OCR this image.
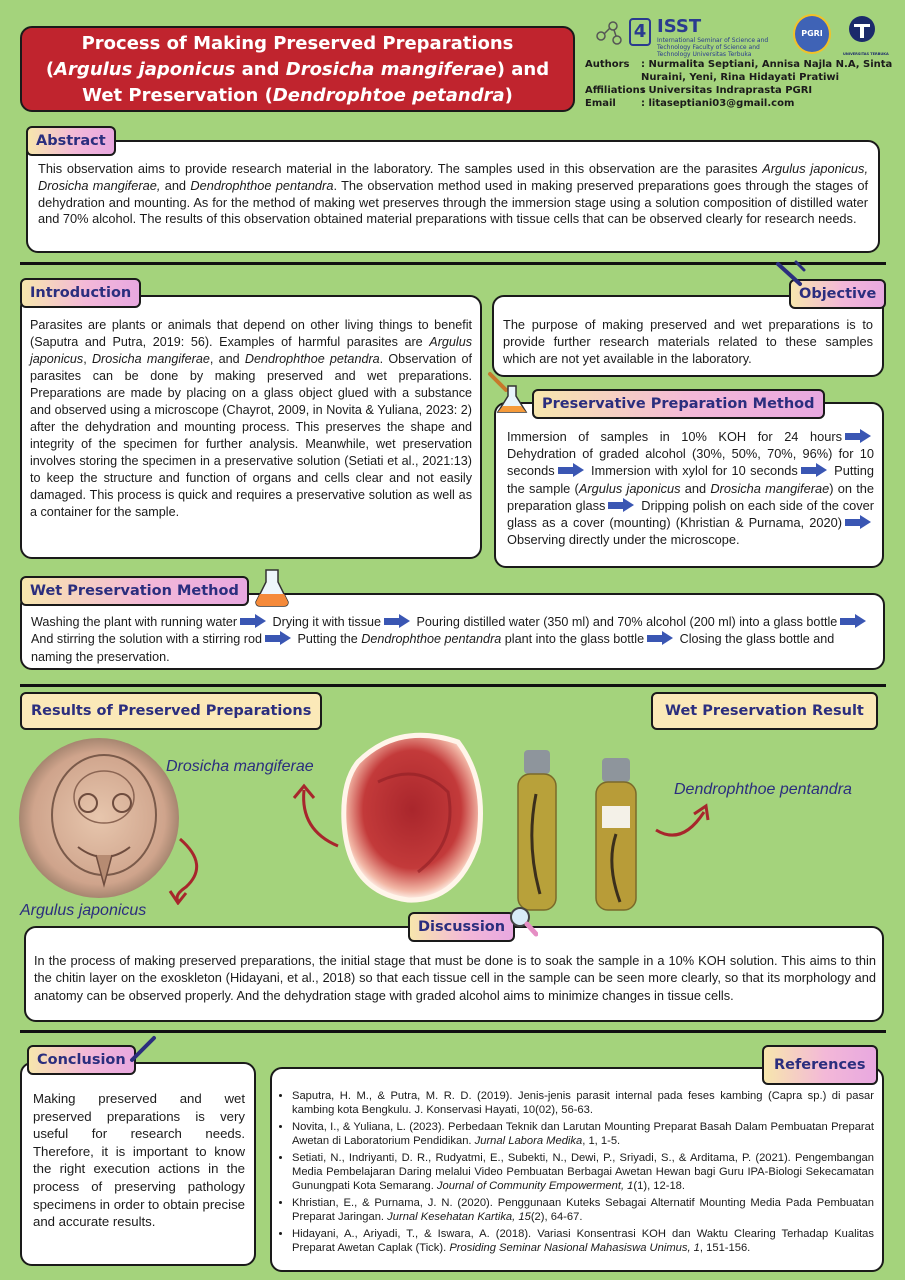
Process of Making Preserved Preparations
(Argulus japonicus and Drosicha mangiferae) and
Wet Preservation (Dendrophtoe petandra)
4 ISST
International Seminar of Science and Technology Faculty of Science and Technology Universitas Terbuka
PGRI
UNIVERSITAS TERBUKA
Authors	: Nurmalita Septiani, Annisa Najla N.A, Sinta Nuraini, Yeni, Rina Hidayati Pratiwi
Affiliations
: Universitas Indraprasta PGRI
Email	: litaseptiani03@gmail.com
This observation aims to provide research material in the laboratory. The samples used in this observation are the parasites Argulus japonicus, Drosicha mangiferae, and Dendrophthoe pentandra. The observation method used in making preserved preparations goes through the stages of dehydration and mounting. As for the method of making wet preserves through the immersion stage using a solution composition of distilled water and 70% alcohol. The results of this observation obtained material preparations with tissue cells that can be observed clearly for research needs.
Abstract
Parasites are plants or animals that depend on other living things to benefit (Saputra and Putra, 2019: 56). Examples of harmful parasites are Argulus japonicus, Drosicha mangiferae, and Dendrophthoe petandra. Observation of parasites can be done by making preserved and wet preparations. Preparations are made by placing on a glass object glued with a substance and observed using a microscope (Chayrot, 2009, in Novita & Yuliana, 2023: 2) after the dehydration and mounting process. This preserves the shape and integrity of the specimen for further analysis. Meanwhile, wet preservation involves storing the specimen in a preservative solution (Setiati et al., 2021:13) to keep the structure and function of organs and cells clear and not easily damaged. This process is quick and requires a preservative solution as well as a container for the sample.
Introduction
The purpose of making preserved and wet preparations is to provide further research materials related to these samples which are not yet available in the laboratory.
Objective
Immersion of samples in 10% KOH for 24 hours Dehydration of graded alcohol (30%, 50%, 70%, 96%) for 10 seconds	Immersion with xylol for 10 seconds	Putting the sample (Argulus japonicus and Drosicha mangiferae) on the preparation glass	Dripping polish on each side of the cover glass as a cover (mounting) (Khristian & Purnama, 2020) Observing directly under the microscope.
Preservative Preparation Method
Washing the plant with running water	Drying it with tissue	Pouring distilled water (350 ml) and 70% alcohol (200 ml) into a glass bottle And stirring the solution with a stirring rod	Putting the Dendrophthoe pentandra plant into the glass bottle	Closing the glass bottle and naming the preservation.
Wet Preservation Method
Results of Preserved Preparations	Wet Preservation Result
Drosicha mangiferae
Argulus japonicus
Dendrophthoe pentandra
In the process of making preserved preparations, the initial stage that must be done is to soak the sample in a 10% KOH solution. This aims to thin the chitin layer on the exoskleton (Hidayani, et al., 2018) so that each tissue cell in the sample can be seen more clearly, so that its morphology and anatomy can be observed properly. And the dehydration stage with graded alcohol aims to minimize changes in tissue cells.
Discussion
Making preserved and wet preserved preparations is very useful for research needs. Therefore, it is important to know the right execution actions in the process of preserving pathology specimens in order to obtain precise and accurate results.
Conclusion
• Saputra, H. M., & Putra, M. R. D. (2019). Jenis-jenis parasit internal pada feses kambing (Capra sp.) di pasar kambing kota Bengkulu. J. Konservasi Hayati, 10(02), 56-63.
• Novita, I., & Yuliana, L. (2023). Perbedaan Teknik dan Larutan Mounting Preparat Basah Dalam Pembuatan Preparat Awetan di Laboratorium Pendidikan. Jurnal Labora Medika, 1, 1-5.
• Setiati, N., Indriyanti, D. R., Rudyatmi, E., Subekti, N., Dewi, P., Sriyadi, S., & Arditama, P. (2021). Pengembangan Media Pembelajaran Daring melalui Video Pembuatan Berbagai Awetan Hewan bagi Guru IPA-Biologi Sekecamatan Gunungpati Kota Semarang. Journal of Community Empowerment, 1(1), 12-18.
• Khristian, E., & Purnama, J. N. (2020). Penggunaan Kuteks Sebagai Alternatif Mounting Media Pada Pembuatan Preparat Jaringan. Jurnal Kesehatan Kartika, 15(2), 64-67.
• Hidayani, A., Ariyadi, T., & Iswara, A. (2018). Variasi Konsentrasi KOH dan Waktu Clearing Terhadap Kualitas Preparat Awetan Caplak (Tick). Prosiding Seminar Nasional Mahasiswa Unimus, 1, 151-156.
References
